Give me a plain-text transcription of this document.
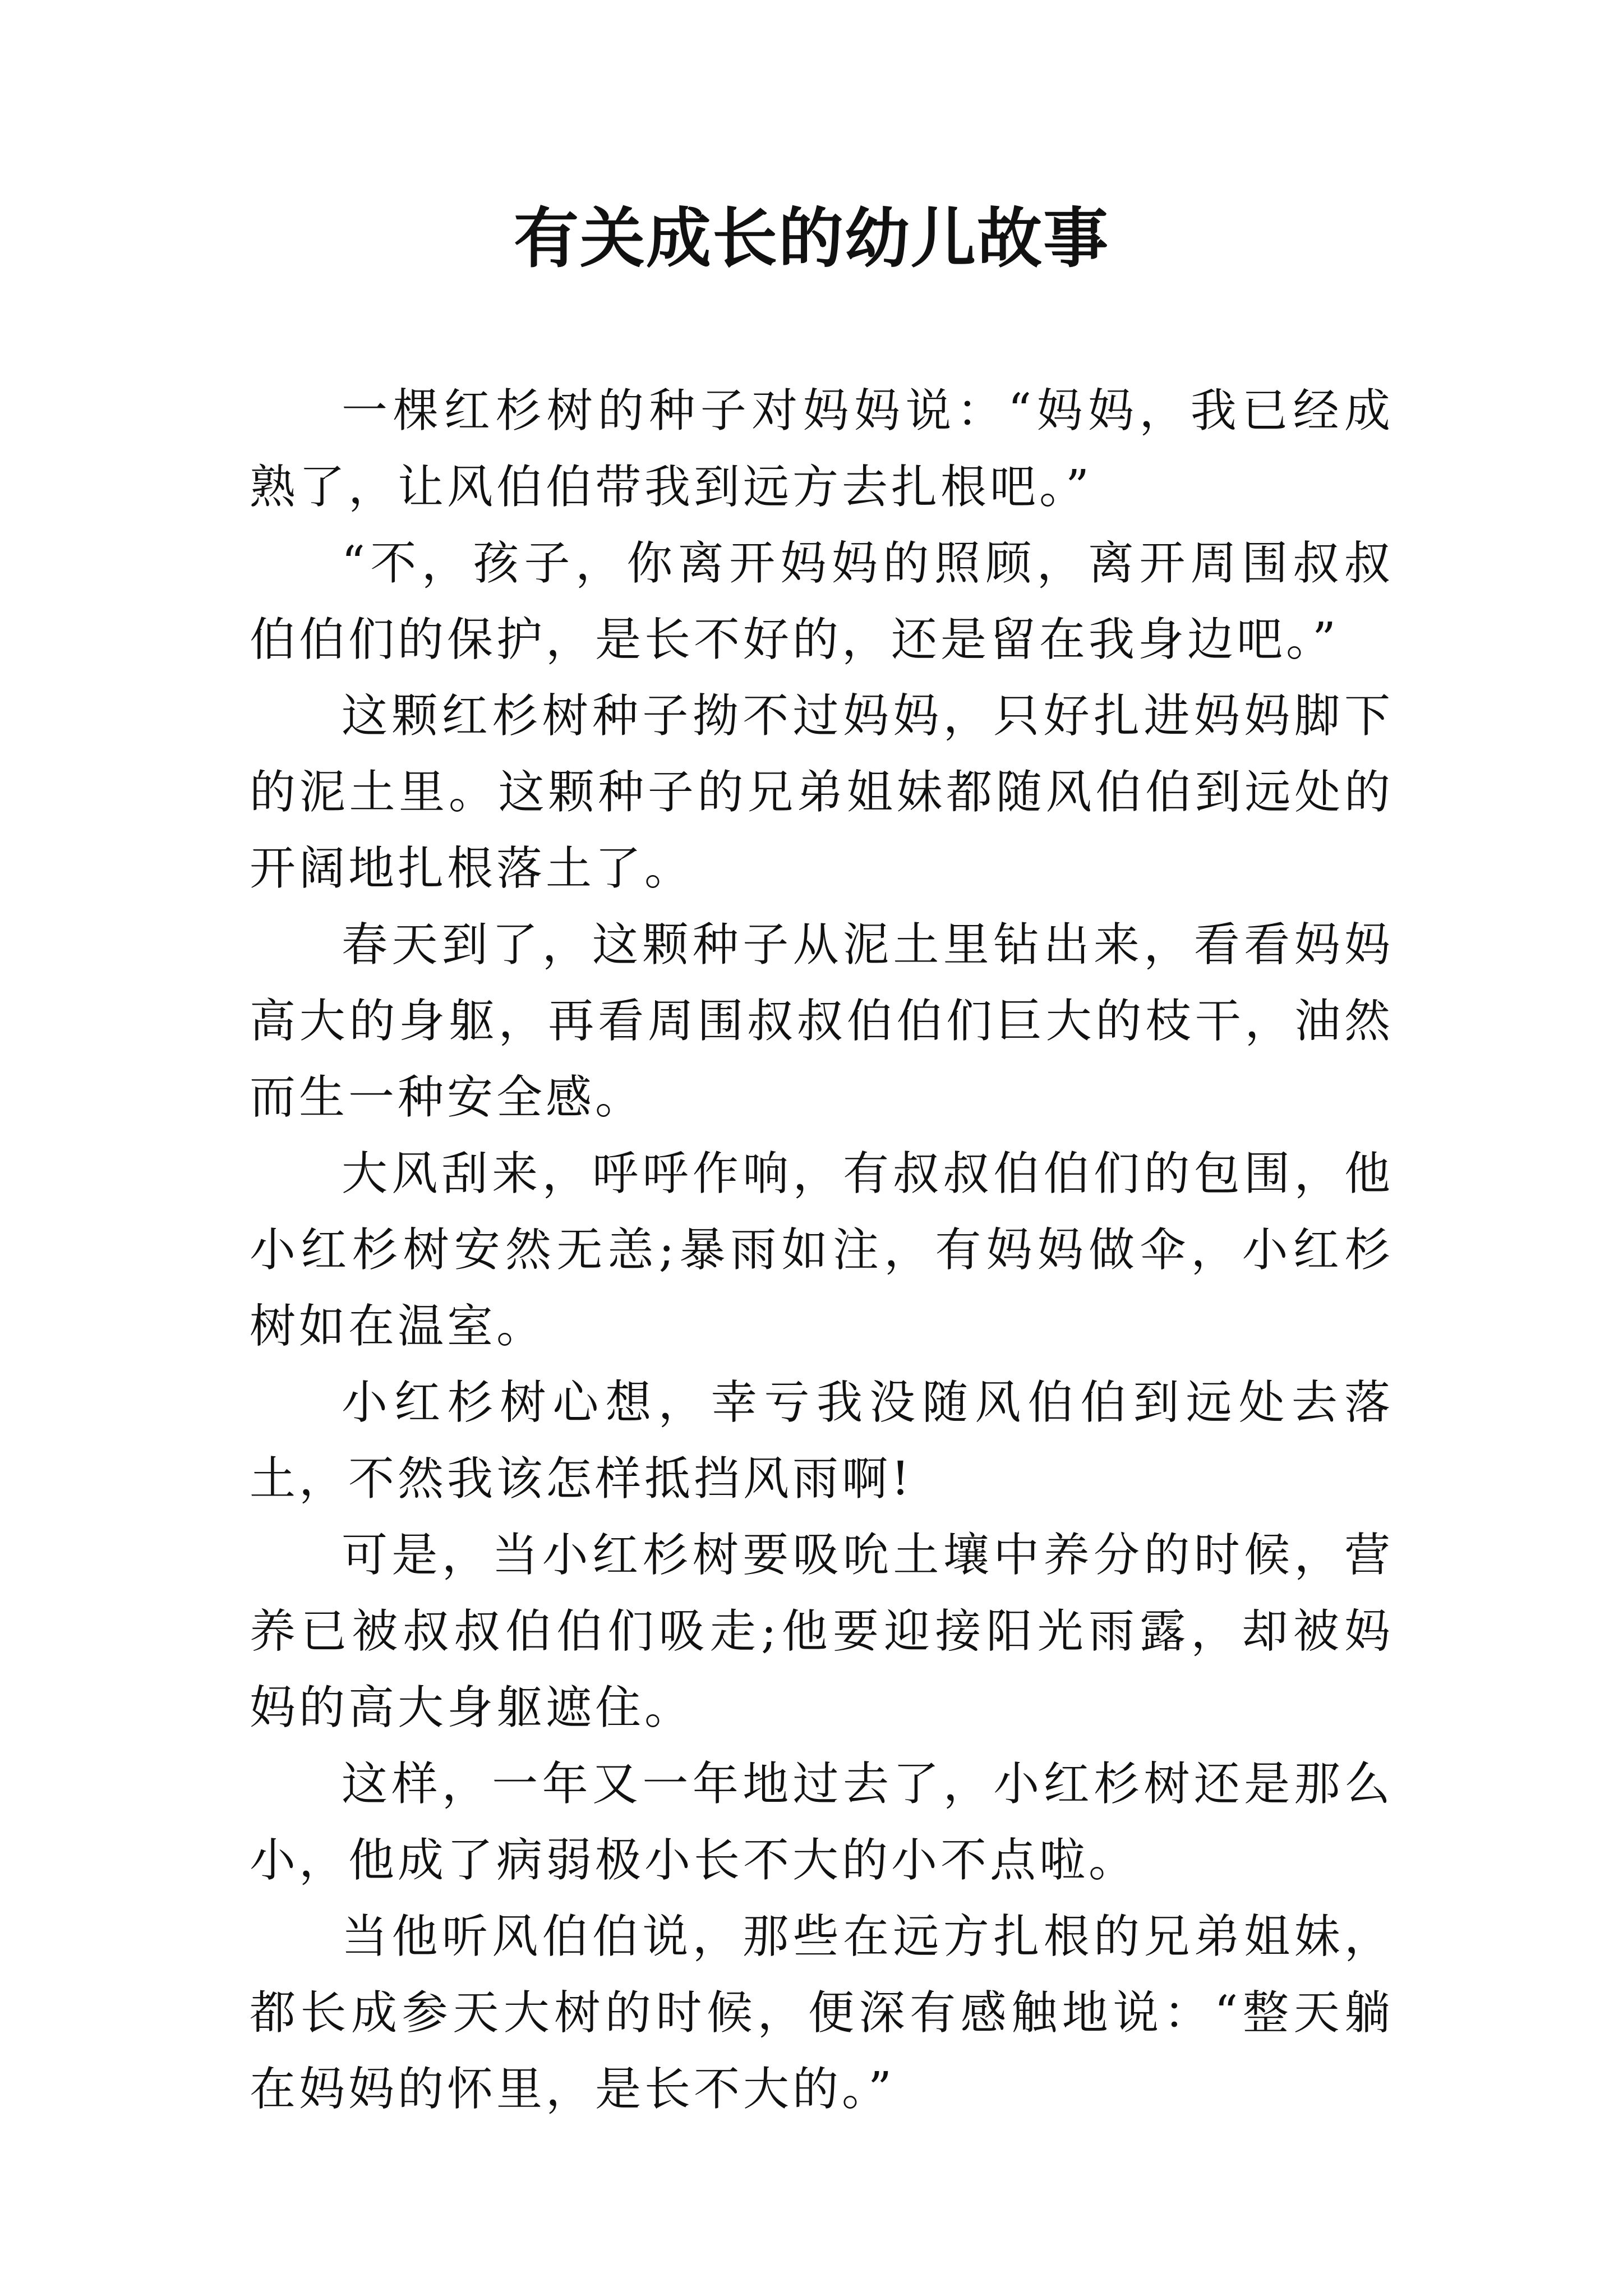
有关成长的幼儿故事

一棵红杉树的种子对妈妈说：“妈妈，我已经成熟了，让风伯伯带我到远方去扎根吧。”

“不，孩子，你离开妈妈的照顾，离开周围叔叔伯伯们的保护，是长不好的，还是留在我身边吧。”

这颗红杉树种子拗不过妈妈，只好扎进妈妈脚下的泥土里。这颗种子的兄弟姐妹都随风伯伯到远处的开阔地扎根落土了。

春天到了，这颗种子从泥土里钻出来，看看妈妈高大的身躯，再看周围叔叔伯伯们巨大的枝干，油然而生一种安全感。

大风刮来，呼呼作响，有叔叔伯伯们的包围，他小红杉树安然无恙;暴雨如注，有妈妈做伞，小红杉树如在温室。

小红杉树心想，幸亏我没随风伯伯到远处去落土，不然我该怎样抵挡风雨啊!

可是，当小红杉树要吸吮土壤中养分的时候，营养已被叔叔伯伯们吸走;他要迎接阳光雨露，却被妈妈的高大身躯遮住。

这样，一年又一年地过去了，小红杉树还是那么小，他成了病弱极小长不大的小不点啦。

当他听风伯伯说，那些在远方扎根的兄弟姐妹，都长成参天大树的时候，便深有感触地说：“整天躺在妈妈的怀里，是长不大的。”
